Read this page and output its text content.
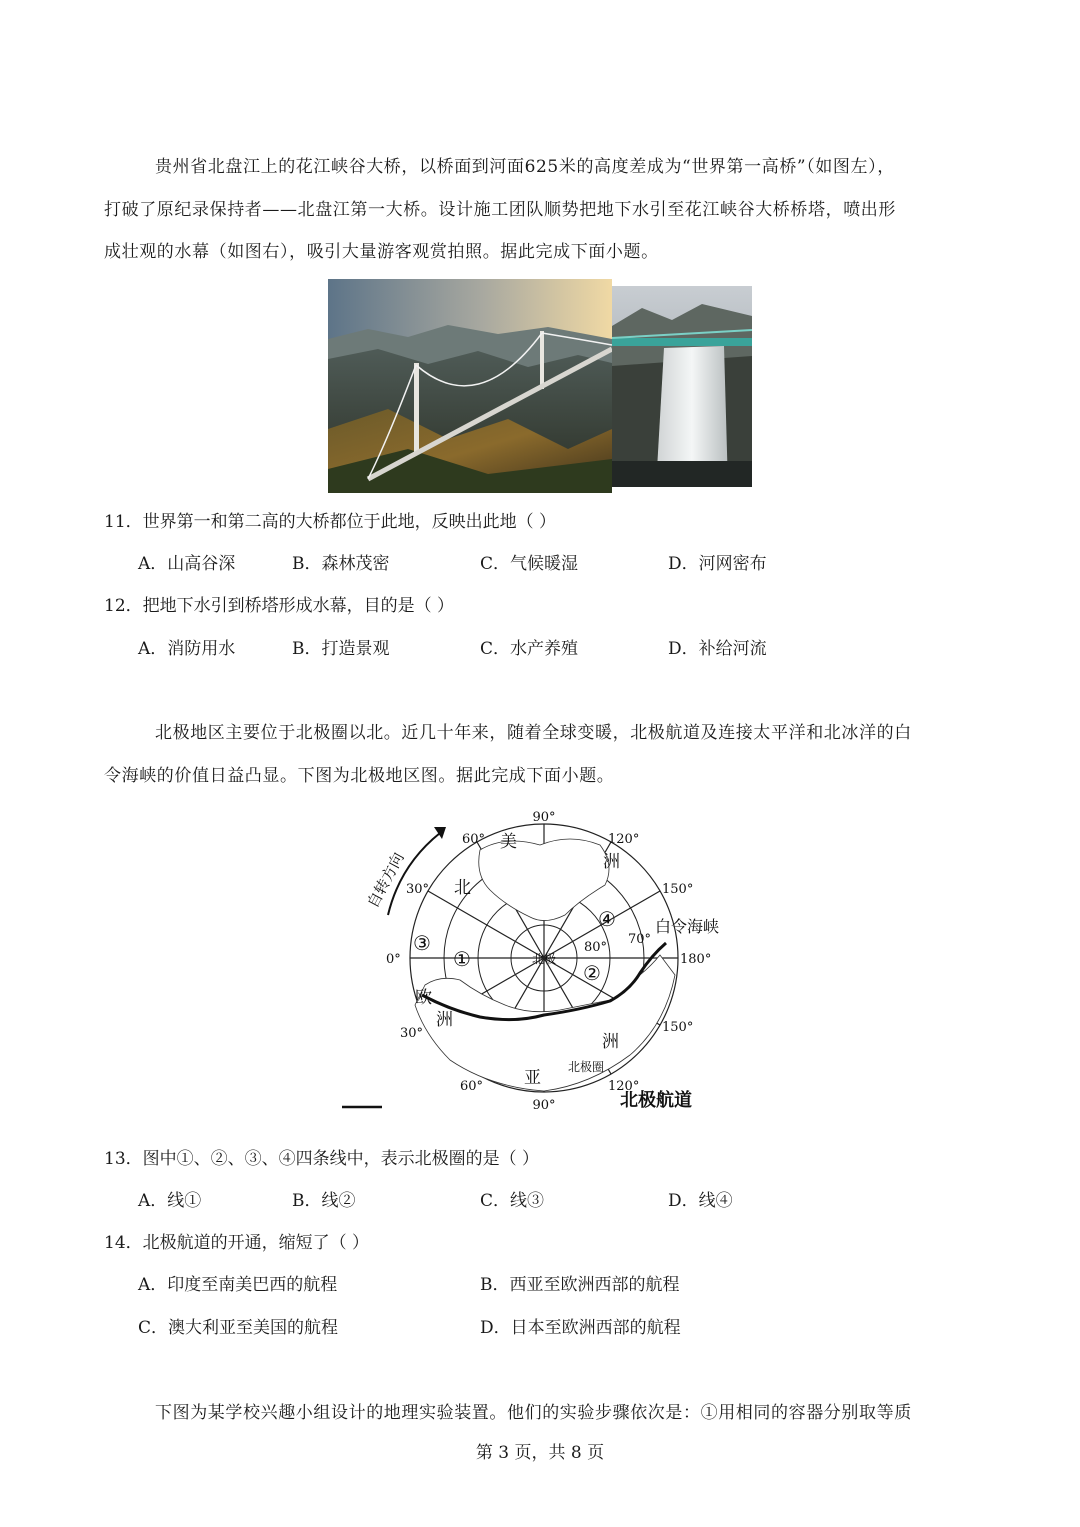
贵州省北盘江上的花江峡谷大桥，以桥面到河面625米的高度差成为“世界第一高桥”（如图左），
打破了原纪录保持者——北盘江第一大桥。设计施工团队顺势把地下水引至花江峡谷大桥桥塔，喷出形
成壮观的水幕（如图右），吸引大量游客观赏拍照。据此完成下面小题。
11．世界第一和第二高的大桥都位于此地，反映出此地（ ）
A．山高谷深	B．森林茂密	C．气候暖湿	D．河网密布
12．把地下水引到桥塔形成水幕，目的是（ ）
A．消防用水	B．打造景观	C．水产养殖	D．补给河流
北极地区主要位于北极圈以北。近几十年来，随着全球变暖，北极航道及连接太平洋和北冰洋的白
令海峡的价值日益凸显。下图为北极地区图。据此完成下面小题。
90°
90°
60°	120°
30°	150°
0°	180°
30°	150°
60°	120°
80°
70°
北极
北极圈
美
洲
北
欧
洲
亚
洲
白令海峡
北极航道
①
②
③
④
自转方向
13．图中①、②、③、④四条线中，表示北极圈的是（ ）
A．线①	B．线②	C．线③	D．线④
14．北极航道的开通，缩短了（ ）
A．印度至南美巴西的航程	B．西亚至欧洲西部的航程
C．澳大利亚至美国的航程	D．日本至欧洲西部的航程
下图为某学校兴趣小组设计的地理实验装置。他们的实验步骤依次是：①用相同的容器分别取等质
第 3 页，共 8 页
